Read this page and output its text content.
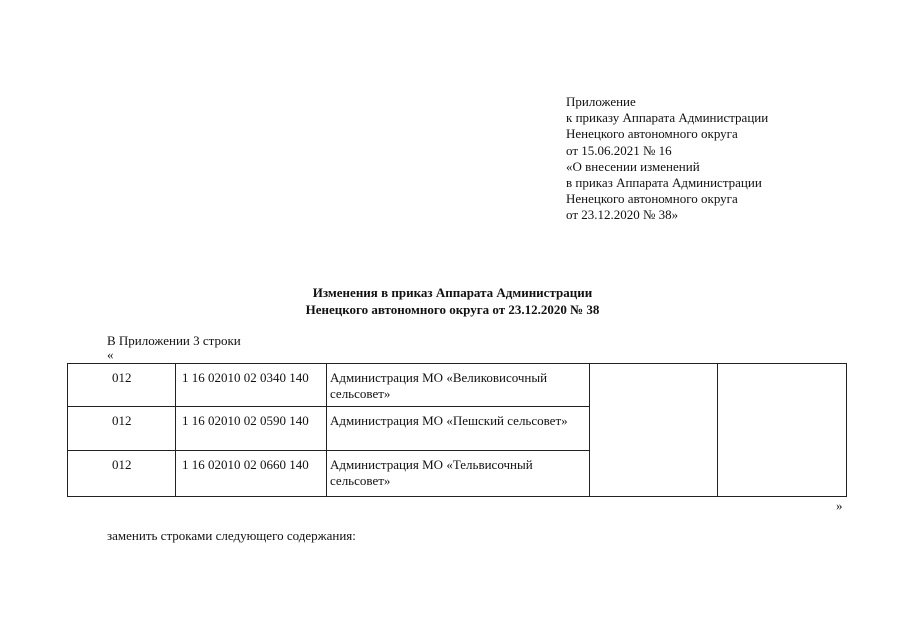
Приложение
к приказу Аппарата Администрации
Ненецкого автономного округа
от 15.06.2021 № 16
«О внесении изменений
в приказ Аппарата Администрации
Ненецкого автономного округа
от 23.12.2020 № 38»
Изменения в приказ Аппарата Администрации
Ненецкого автономного округа от 23.12.2020 № 38
В Приложении 3 строки
«
012	1 16 02010 02 0340 140	Администрация МО «Великовисочный сельсовет»		

012	1 16 02010 02 0590 140	Администрация МО «Пешский сельсовет»		

012	1 16 02010 02 0660 140	Администрация МО «Тельвисочный сельсовет»		
»
заменить строками следующего содержания:
